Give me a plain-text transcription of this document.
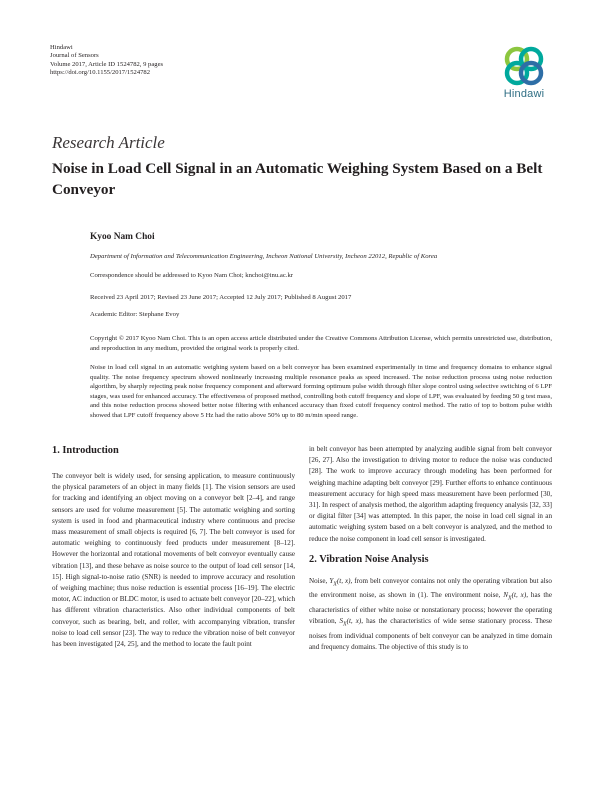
Hindawi
Journal of Sensors
Volume 2017, Article ID 1524782, 9 pages
https://doi.org/10.1155/2017/1524782
Hindawi
Research Article
Noise in Load Cell Signal in an Automatic Weighing System Based on a Belt Conveyor
Kyoo Nam Choi
Department of Information and Telecommunication Engineering, Incheon National University, Incheon 22012, Republic of Korea
Correspondence should be addressed to Kyoo Nam Choi; knchoi@inu.ac.kr
Received 23 April 2017; Revised 23 June 2017; Accepted 12 July 2017; Published 8 August 2017
Academic Editor: Stephane Evoy
Copyright © 2017 Kyoo Nam Choi. This is an open access article distributed under the Creative Commons Attribution License, which permits unrestricted use, distribution, and reproduction in any medium, provided the original work is properly cited.
Noise in load cell signal in an automatic weighing system based on a belt conveyor has been examined experimentally in time and frequency domains to enhance signal quality. The noise frequency spectrum showed nonlinearly increasing multiple resonance peaks as speed increased. The noise reduction process using noise reduction algorithm, by sharply rejecting peak noise frequency component and afterward forming optimum pulse width through filter slope control using selective switching of 6 LPF stages, was used for enhanced accuracy. The effectiveness of proposed method, controlling both cutoff frequency and slope of LPF, was evaluated by feeding 50 g test mass, and this noise reduction process showed better noise filtering with enhanced accuracy than fixed cutoff frequency control method. The ratio of top to bottom pulse width showed that LPF cutoff frequency above 5 Hz had the ratio above 50% up to 80 m/min speed range.
1. Introduction

The conveyor belt is widely used, for sensing application, to measure continuously the physical parameters of an object in many fields [1]. The vision sensors are used for tracking and identifying an object moving on a conveyor belt [2–4], and range sensors are used for volume measurement [5]. The automatic weighing and sorting system is used in food and pharmaceutical industry where continuous and precise mass measurement of small objects is required [6, 7]. The belt conveyor is used for automatic weighing to continuously feed products under measurement [8–12]. However the horizontal and rotational movements of belt conveyor eventually cause vibration [13], and these behave as noise source to the output of load cell sensor [14, 15]. High signal-to-noise ratio (SNR) is needed to improve accuracy and resolution of weighing machine; thus noise reduction is essential process [16–19]. The electric motor, AC induction or BLDC motor, is used to actuate belt conveyor [20–22], which has different vibration characteristics. Also other individual components of belt conveyor, such as bearing, belt, and roller, with accompanying vibration, transfer noise to load cell sensor [23]. The way to reduce the vibration noise of belt conveyor has been investigated [24, 25], and the method to locate the fault point

in belt conveyor has been attempted by analyzing audible signal from belt conveyor [26, 27]. Also the investigation to driving motor to reduce the noise was conducted [28]. The work to improve accuracy through modeling has been performed for weighing machine adapting belt conveyor [29]. Further efforts to enhance continuous measurement accuracy for high speed mass measurement have been performed [30, 31]. In respect of analysis method, the algorithm adapting frequency analysis [32, 33] or digital filter [34] was attempted. In this paper, the noise in load cell signal in an automatic weighing system based on a belt conveyor is analyzed, and the method to reduce the noise component in load cell sensor is investigated.

2. Vibration Noise Analysis

Noise, $Y_X(t$, x), from belt conveyor contains not only the operating vibration but also the environment noise, as shown in (1). The environment noise, $N_X(t$, x), has the characteristics of either white noise or nonstationary process; however the operating vibration, $S_X(t$, x), has the characteristics of wide sense stationary process. These noises from individual components of belt conveyor can be analyzed in time domain and frequency domains. The objective of this study is to
